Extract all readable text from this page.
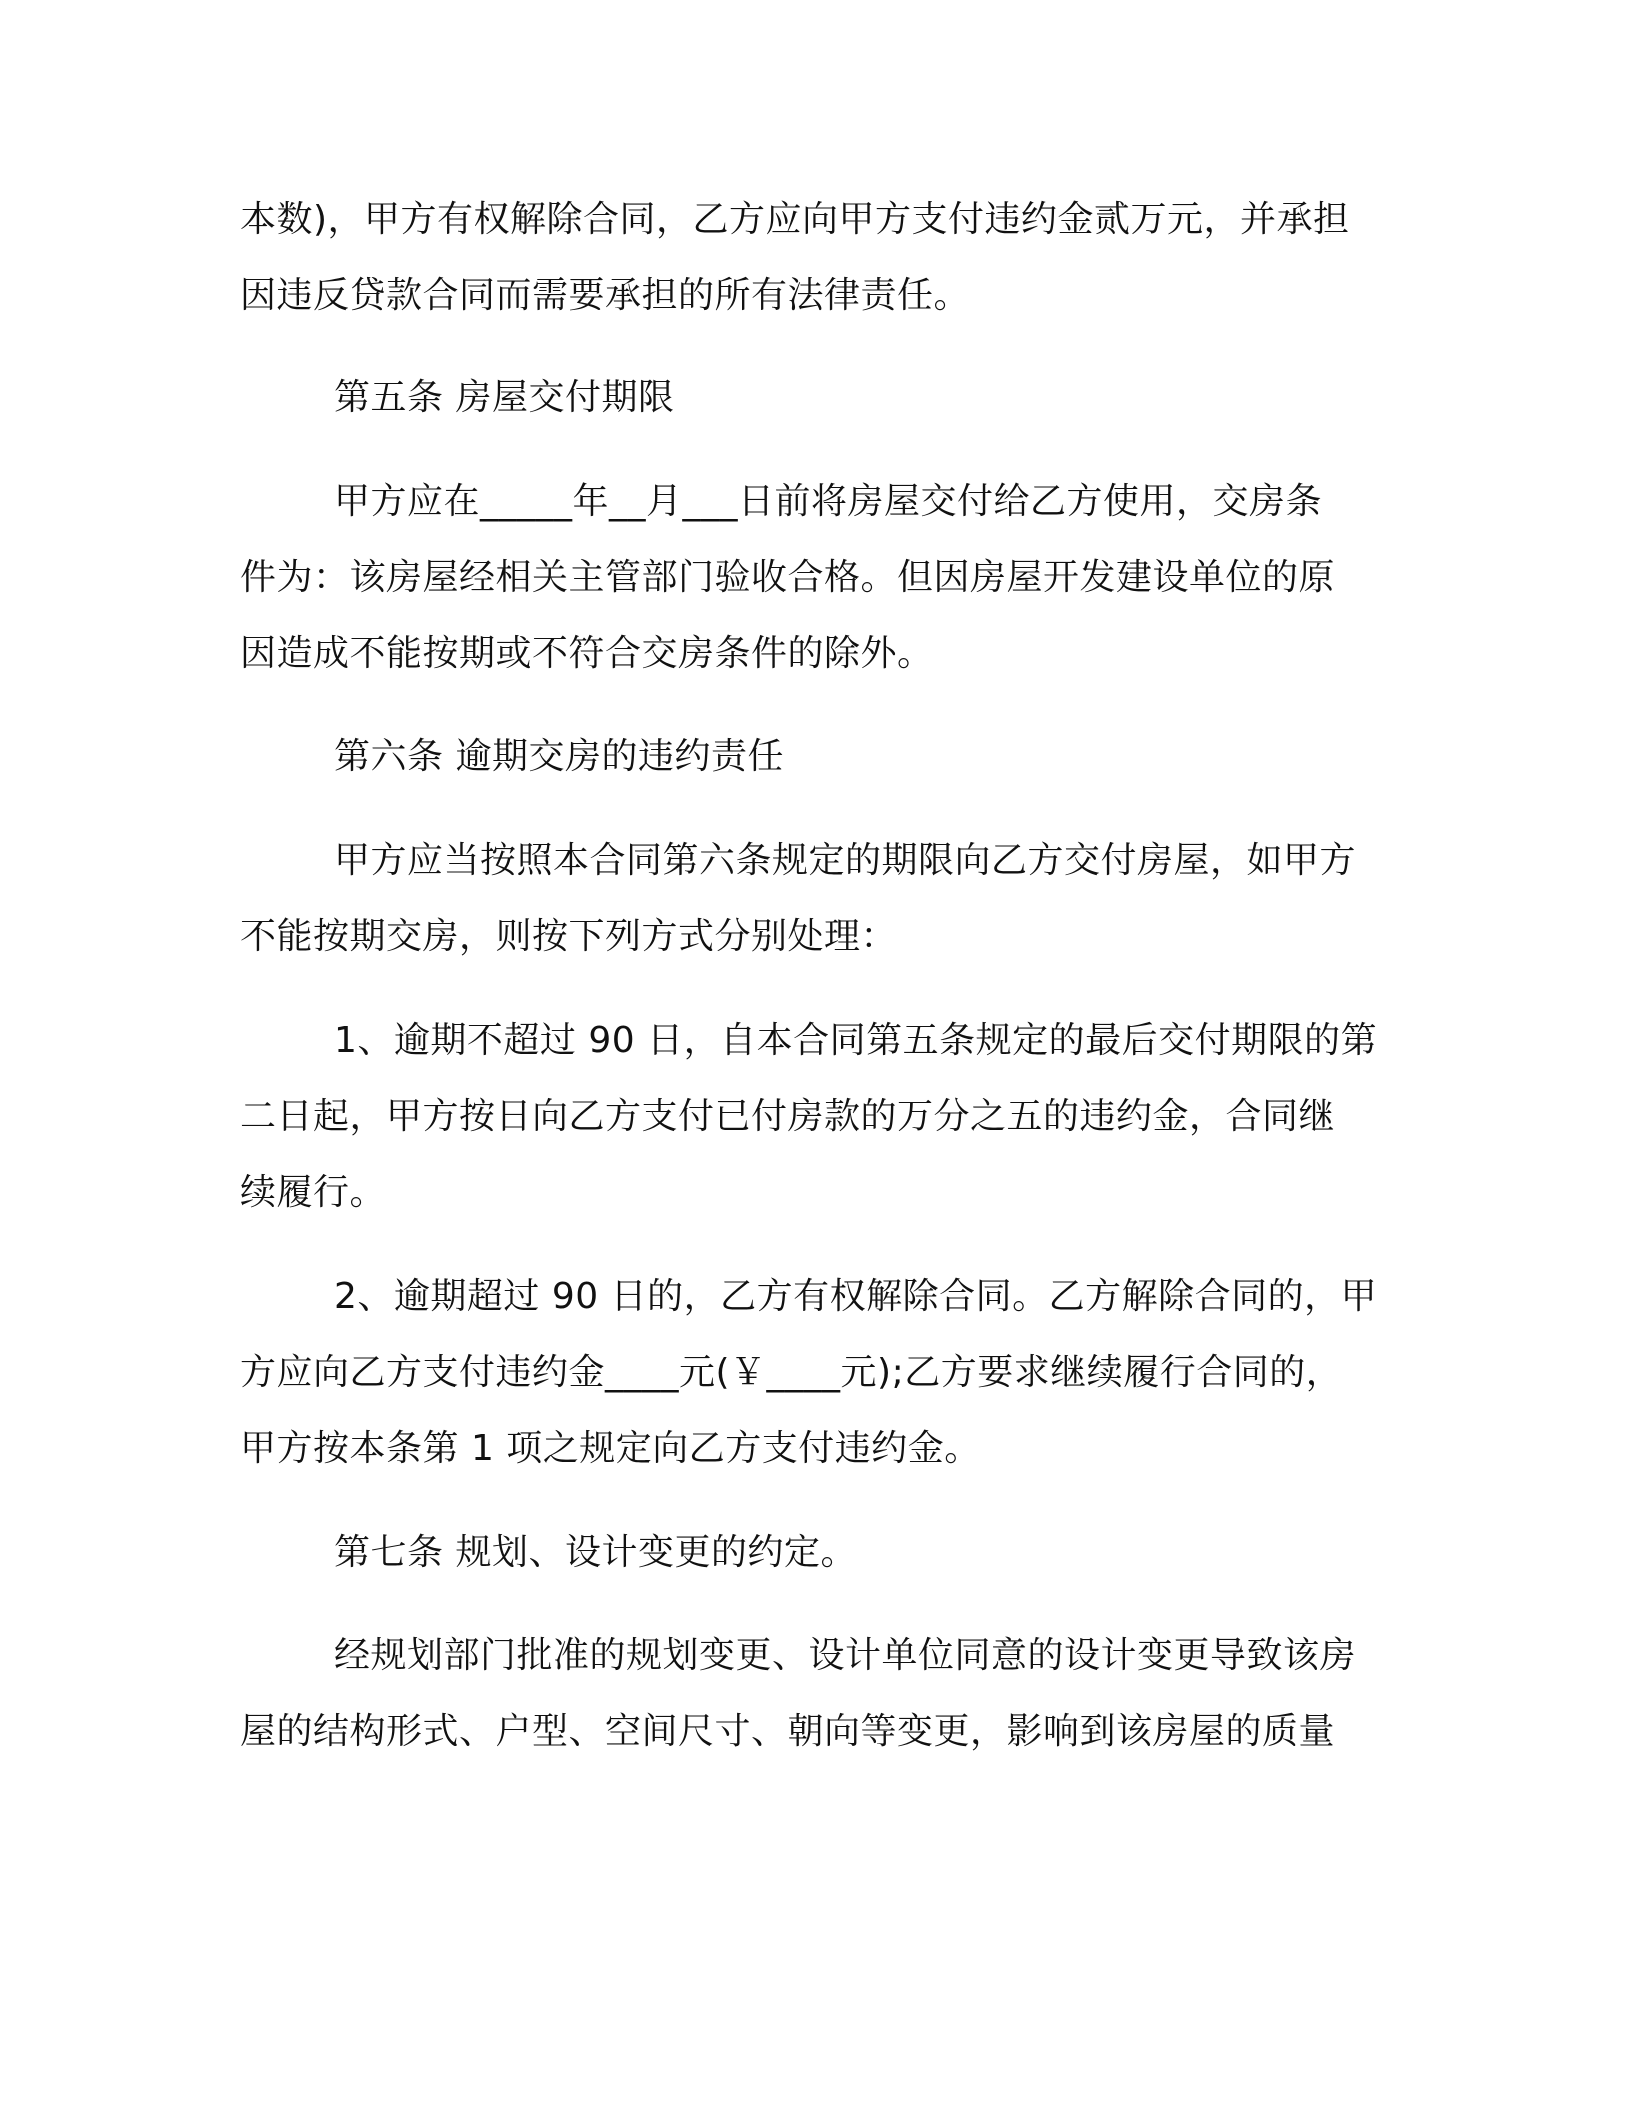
本数)，甲方有权解除合同，乙方应向甲方支付违约金贰万元，并承担

因违反贷款合同而需要承担的所有法律责任。

第五条 房屋交付期限

甲方应在_____年__月___日前将房屋交付给乙方使用，交房条

件为：该房屋经相关主管部门验收合格。但因房屋开发建设单位的原

因造成不能按期或不符合交房条件的除外。

第六条 逾期交房的违约责任

甲方应当按照本合同第六条规定的期限向乙方交付房屋，如甲方

不能按期交房，则按下列方式分别处理：

1、逾期不超过 90 日，自本合同第五条规定的最后交付期限的第

二日起，甲方按日向乙方支付已付房款的万分之五的违约金，合同继

续履行。

2、逾期超过 90 日的，乙方有权解除合同。乙方解除合同的，甲

方应向乙方支付违约金____元(￥____元);乙方要求继续履行合同的，

甲方按本条第 1 项之规定向乙方支付违约金。

第七条 规划、设计变更的约定。

经规划部门批准的规划变更、设计单位同意的设计变更导致该房

屋的结构形式、户型、空间尺寸、朝向等变更，影响到该房屋的质量
